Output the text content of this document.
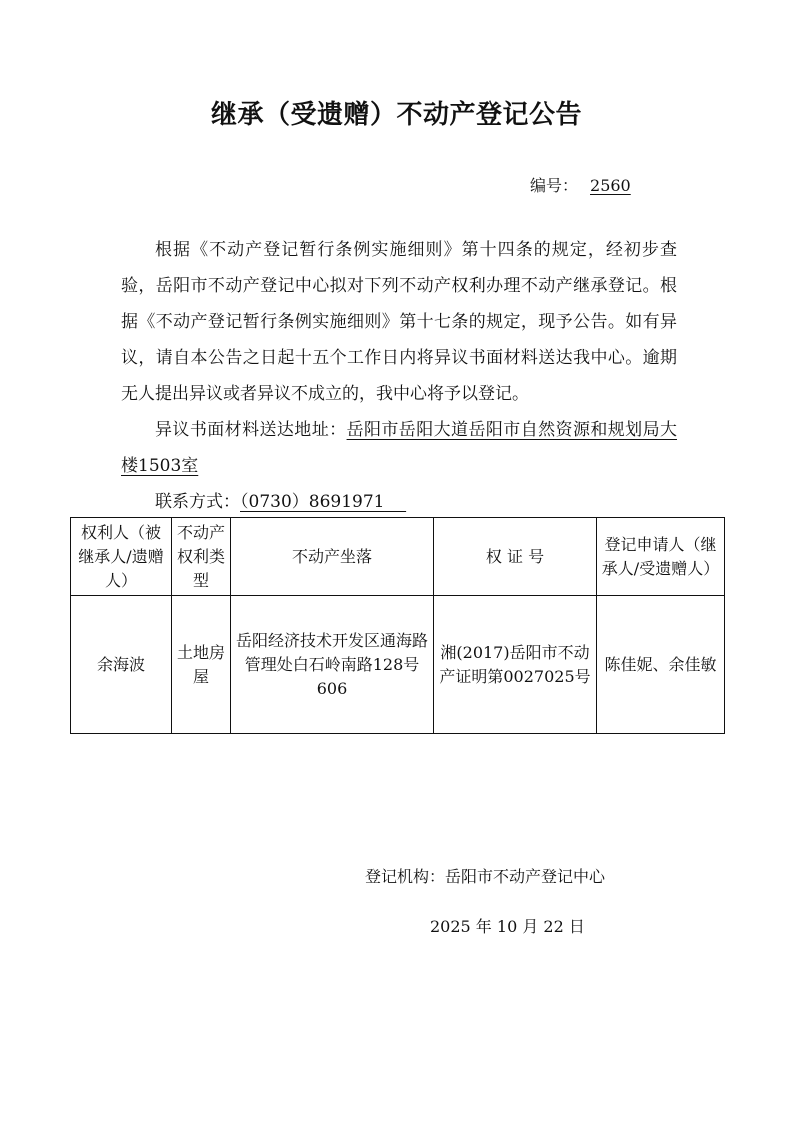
继承（受遗赠）不动产登记公告
编号： 2560

根据《不动产登记暂行条例实施细则》第十四条的规定，经初步查验，岳阳市不动产登记中心拟对下列不动产权利办理不动产继承登记。根据《不动产登记暂行条例实施细则》第十七条的规定，现予公告。如有异议，请自本公告之日起十五个工作日内将异议书面材料送达我中心。逾期无人提出异议或者异议不成立的，我中心将予以登记。

异议书面材料送达地址：岳阳市岳阳大道岳阳市自然资源和规划局大楼1503室

联系方式：（0730）8691971

权利人（被继承人/遗赠人）	不动产权利类型	不动产坐落	权 证 号	登记申请人（继承人/受遗赠人）
余海波	土地房屋	岳阳经济技术开发区通海路管理处白石岭南路128号606	湘(2017)岳阳市不动产证明第0027025号	陈佳妮、余佳敏
登记机构：岳阳市不动产登记中心
2025 年 10 月 22 日
